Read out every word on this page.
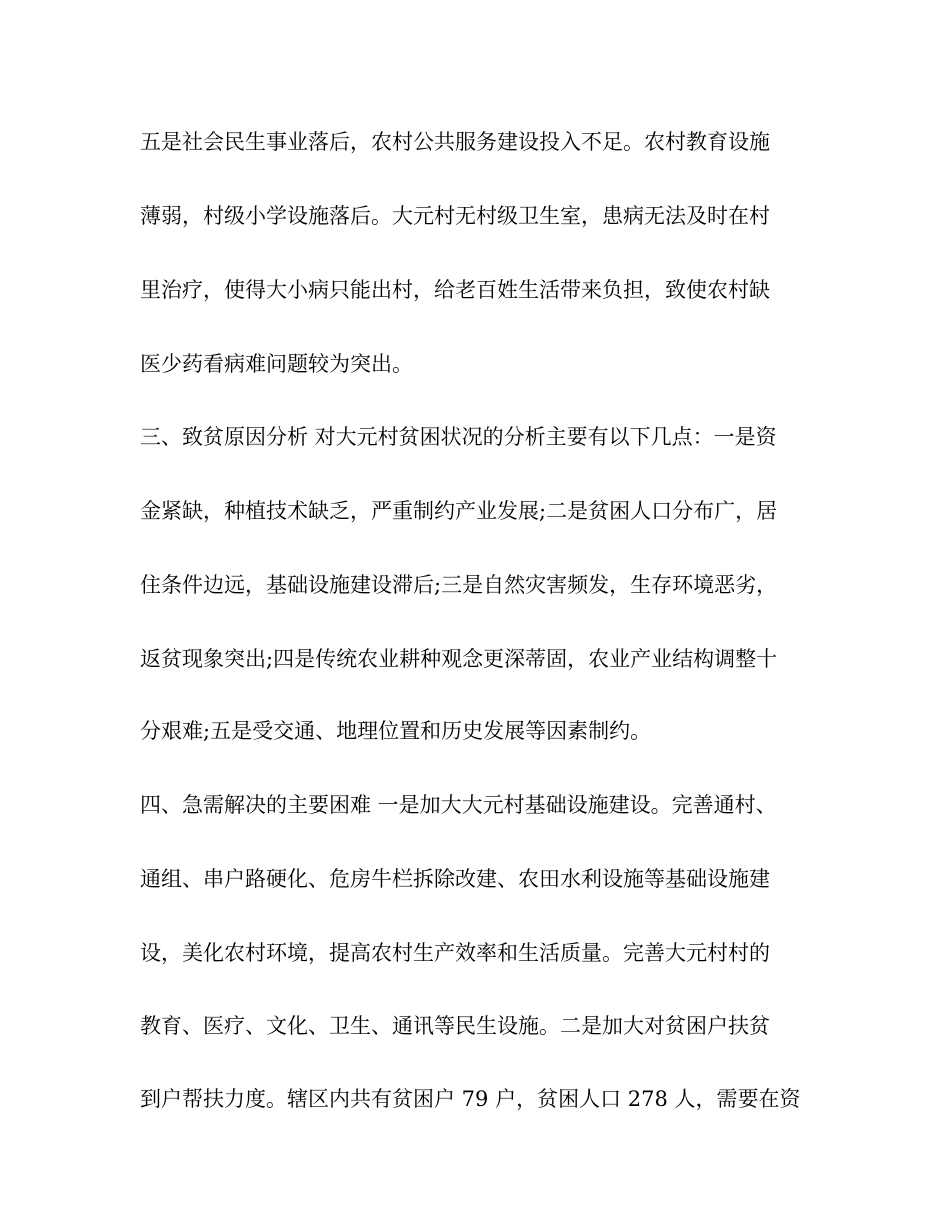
五是社会民生事业落后，农村公共服务建设投入不足。农村教育设施
薄弱，村级小学设施落后。大元村无村级卫生室，患病无法及时在村
里治疗，使得大小病只能出村，给老百姓生活带来负担，致使农村缺
医少药看病难问题较为突出。
三、致贫原因分析 对大元村贫困状况的分析主要有以下几点：一是资
金紧缺，种植技术缺乏，严重制约产业发展;二是贫困人口分布广，居
住条件边远，基础设施建设滞后;三是自然灾害频发，生存环境恶劣，
返贫现象突出;四是传统农业耕种观念更深蒂固，农业产业结构调整十
分艰难;五是受交通、地理位置和历史发展等因素制约。
四、急需解决的主要困难 一是加大大元村基础设施建设。完善通村、
通组、串户路硬化、危房牛栏拆除改建、农田水利设施等基础设施建
设，美化农村环境，提高农村生产效率和生活质量。完善大元村村的
教育、医疗、文化、卫生、通讯等民生设施。二是加大对贫困户扶贫
到户帮扶力度。辖区内共有贫困户 79 户，贫困人口 278 人，需要在资
